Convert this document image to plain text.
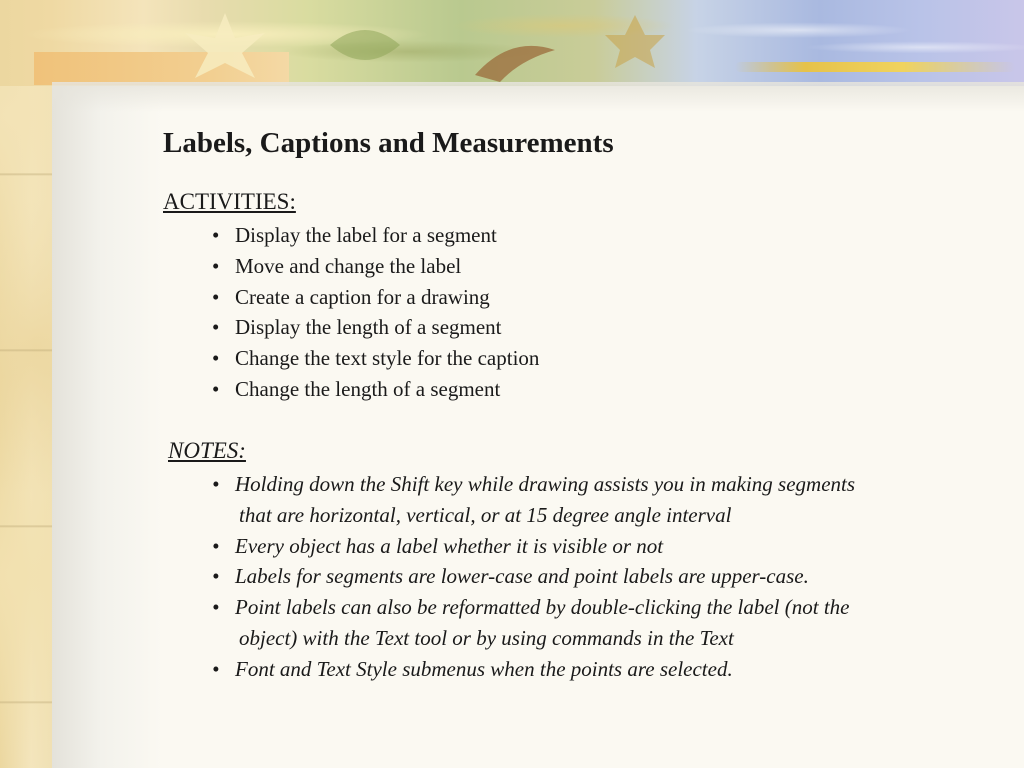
Labels, Captions and Measurements
ACTIVITIES:
• Display the label for a segment
• Move and change the label
• Create a caption for a drawing
• Display the length of a segment
• Change the text style for the caption
• Change the length of a segment
NOTES:
• Holding down the Shift key while drawing assists you in making segments
that are horizontal, vertical, or at 15 degree angle interval
• Every object has a label whether it is visible or not
• Labels for segments are lower-case and point labels are upper-case.
• Point labels can also be reformatted by double-clicking the label (not the
object) with the Text tool or by using commands in the Text
• Font and Text Style submenus when the points are selected.
